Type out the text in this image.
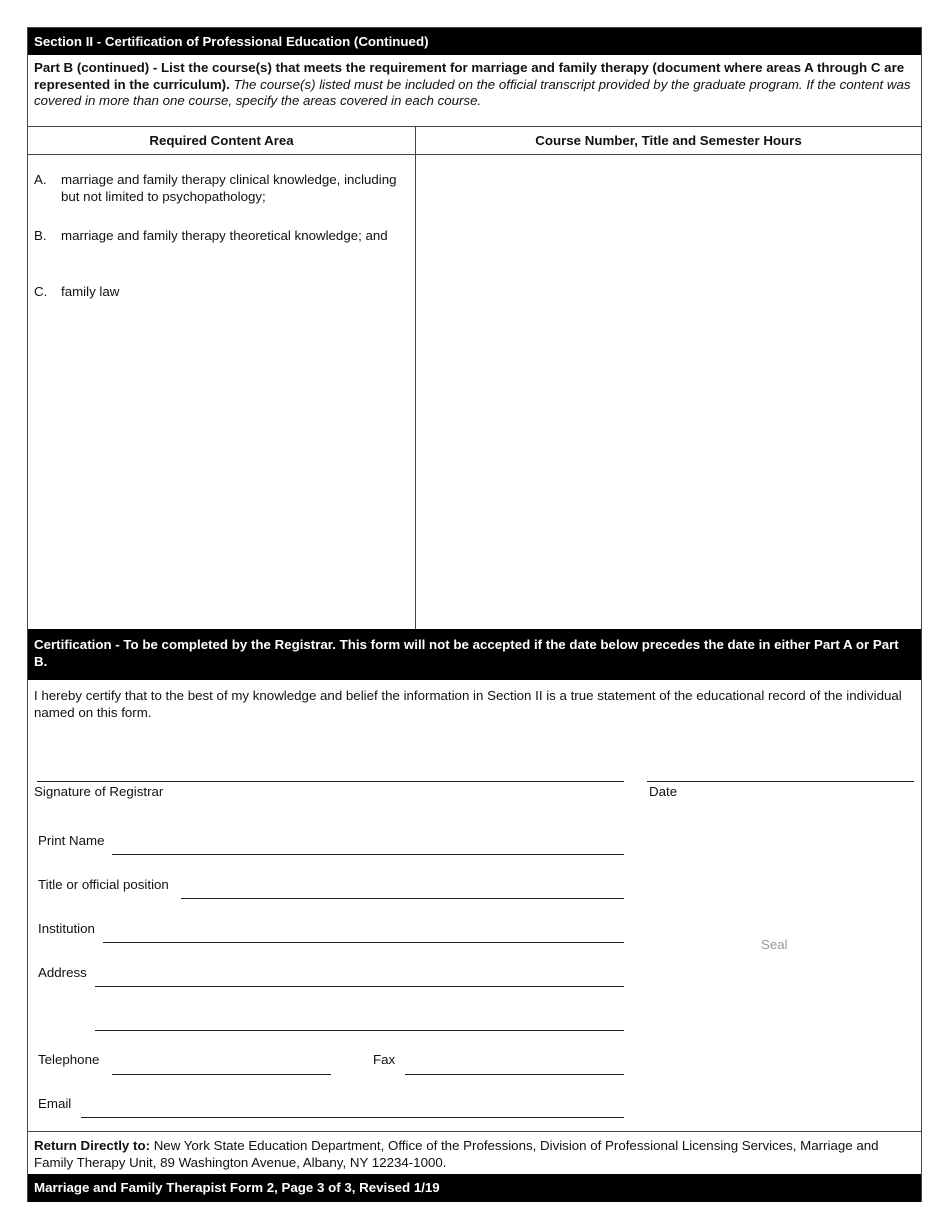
Section II - Certification of Professional Education (Continued)
Part B (continued) - List the course(s) that meets the requirement for marriage and family therapy (document where areas A through C are represented in the curriculum). The course(s) listed must be included on the official transcript provided by the graduate program. If the content was covered in more than one course, specify the areas covered in each course.
Required Content Area	Course Number, Title and Semester Hours
A. marriage and family therapy clinical knowledge, including but not limited to psychopathology;
B. marriage and family therapy theoretical knowledge; and
C. family law
Certification - To be completed by the Registrar. This form will not be accepted if the date below precedes the date in either Part A or Part B.
I hereby certify that to the best of my knowledge and belief the information in Section II is a true statement of the educational record of the individual named on this form.
Signature of Registrar	Date
Print Name
Title or official position
Institution
Address
Telephone	Fax
Email
Seal
Return Directly to: New York State Education Department, Office of the Professions, Division of Professional Licensing Services, Marriage and Family Therapy Unit, 89 Washington Avenue, Albany, NY 12234-1000.
Marriage and Family Therapist Form 2, Page 3 of 3, Revised 1/19
